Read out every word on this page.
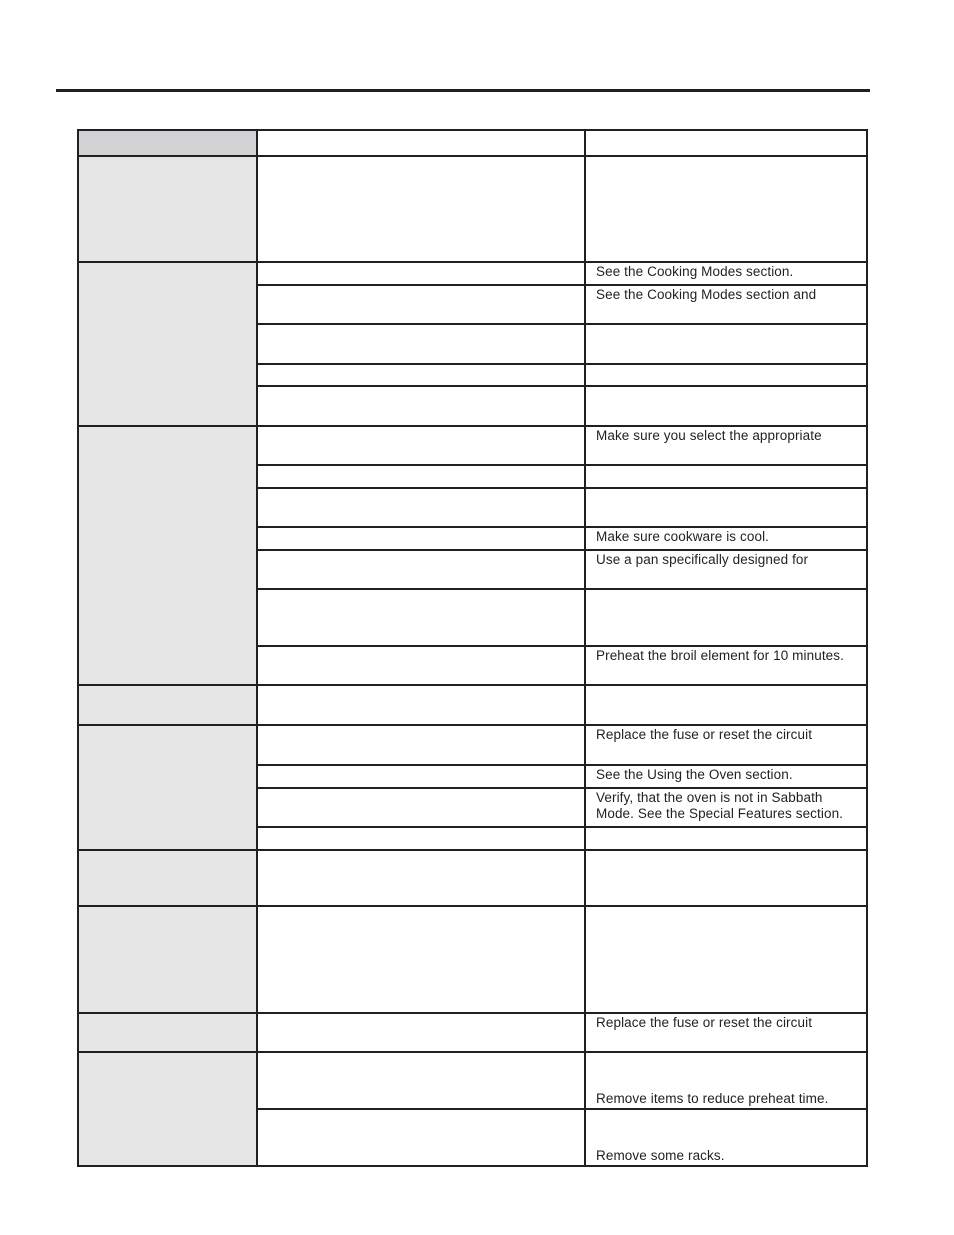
		See the Cooking Modes section.

		See the Cooking Modes section and

		Make sure you select the appropriate

		Make sure cookware is cool.

		Use a pan specifically designed for

		Preheat the broil element for 10 minutes.

		Replace the fuse or reset the circuit

		See the Using the Oven section.

		Verify, that the oven is not in Sabbath Mode. See the Special Features section.

		Replace the fuse or reset the circuit

		Remove items to reduce preheat time.

		Remove some racks.
